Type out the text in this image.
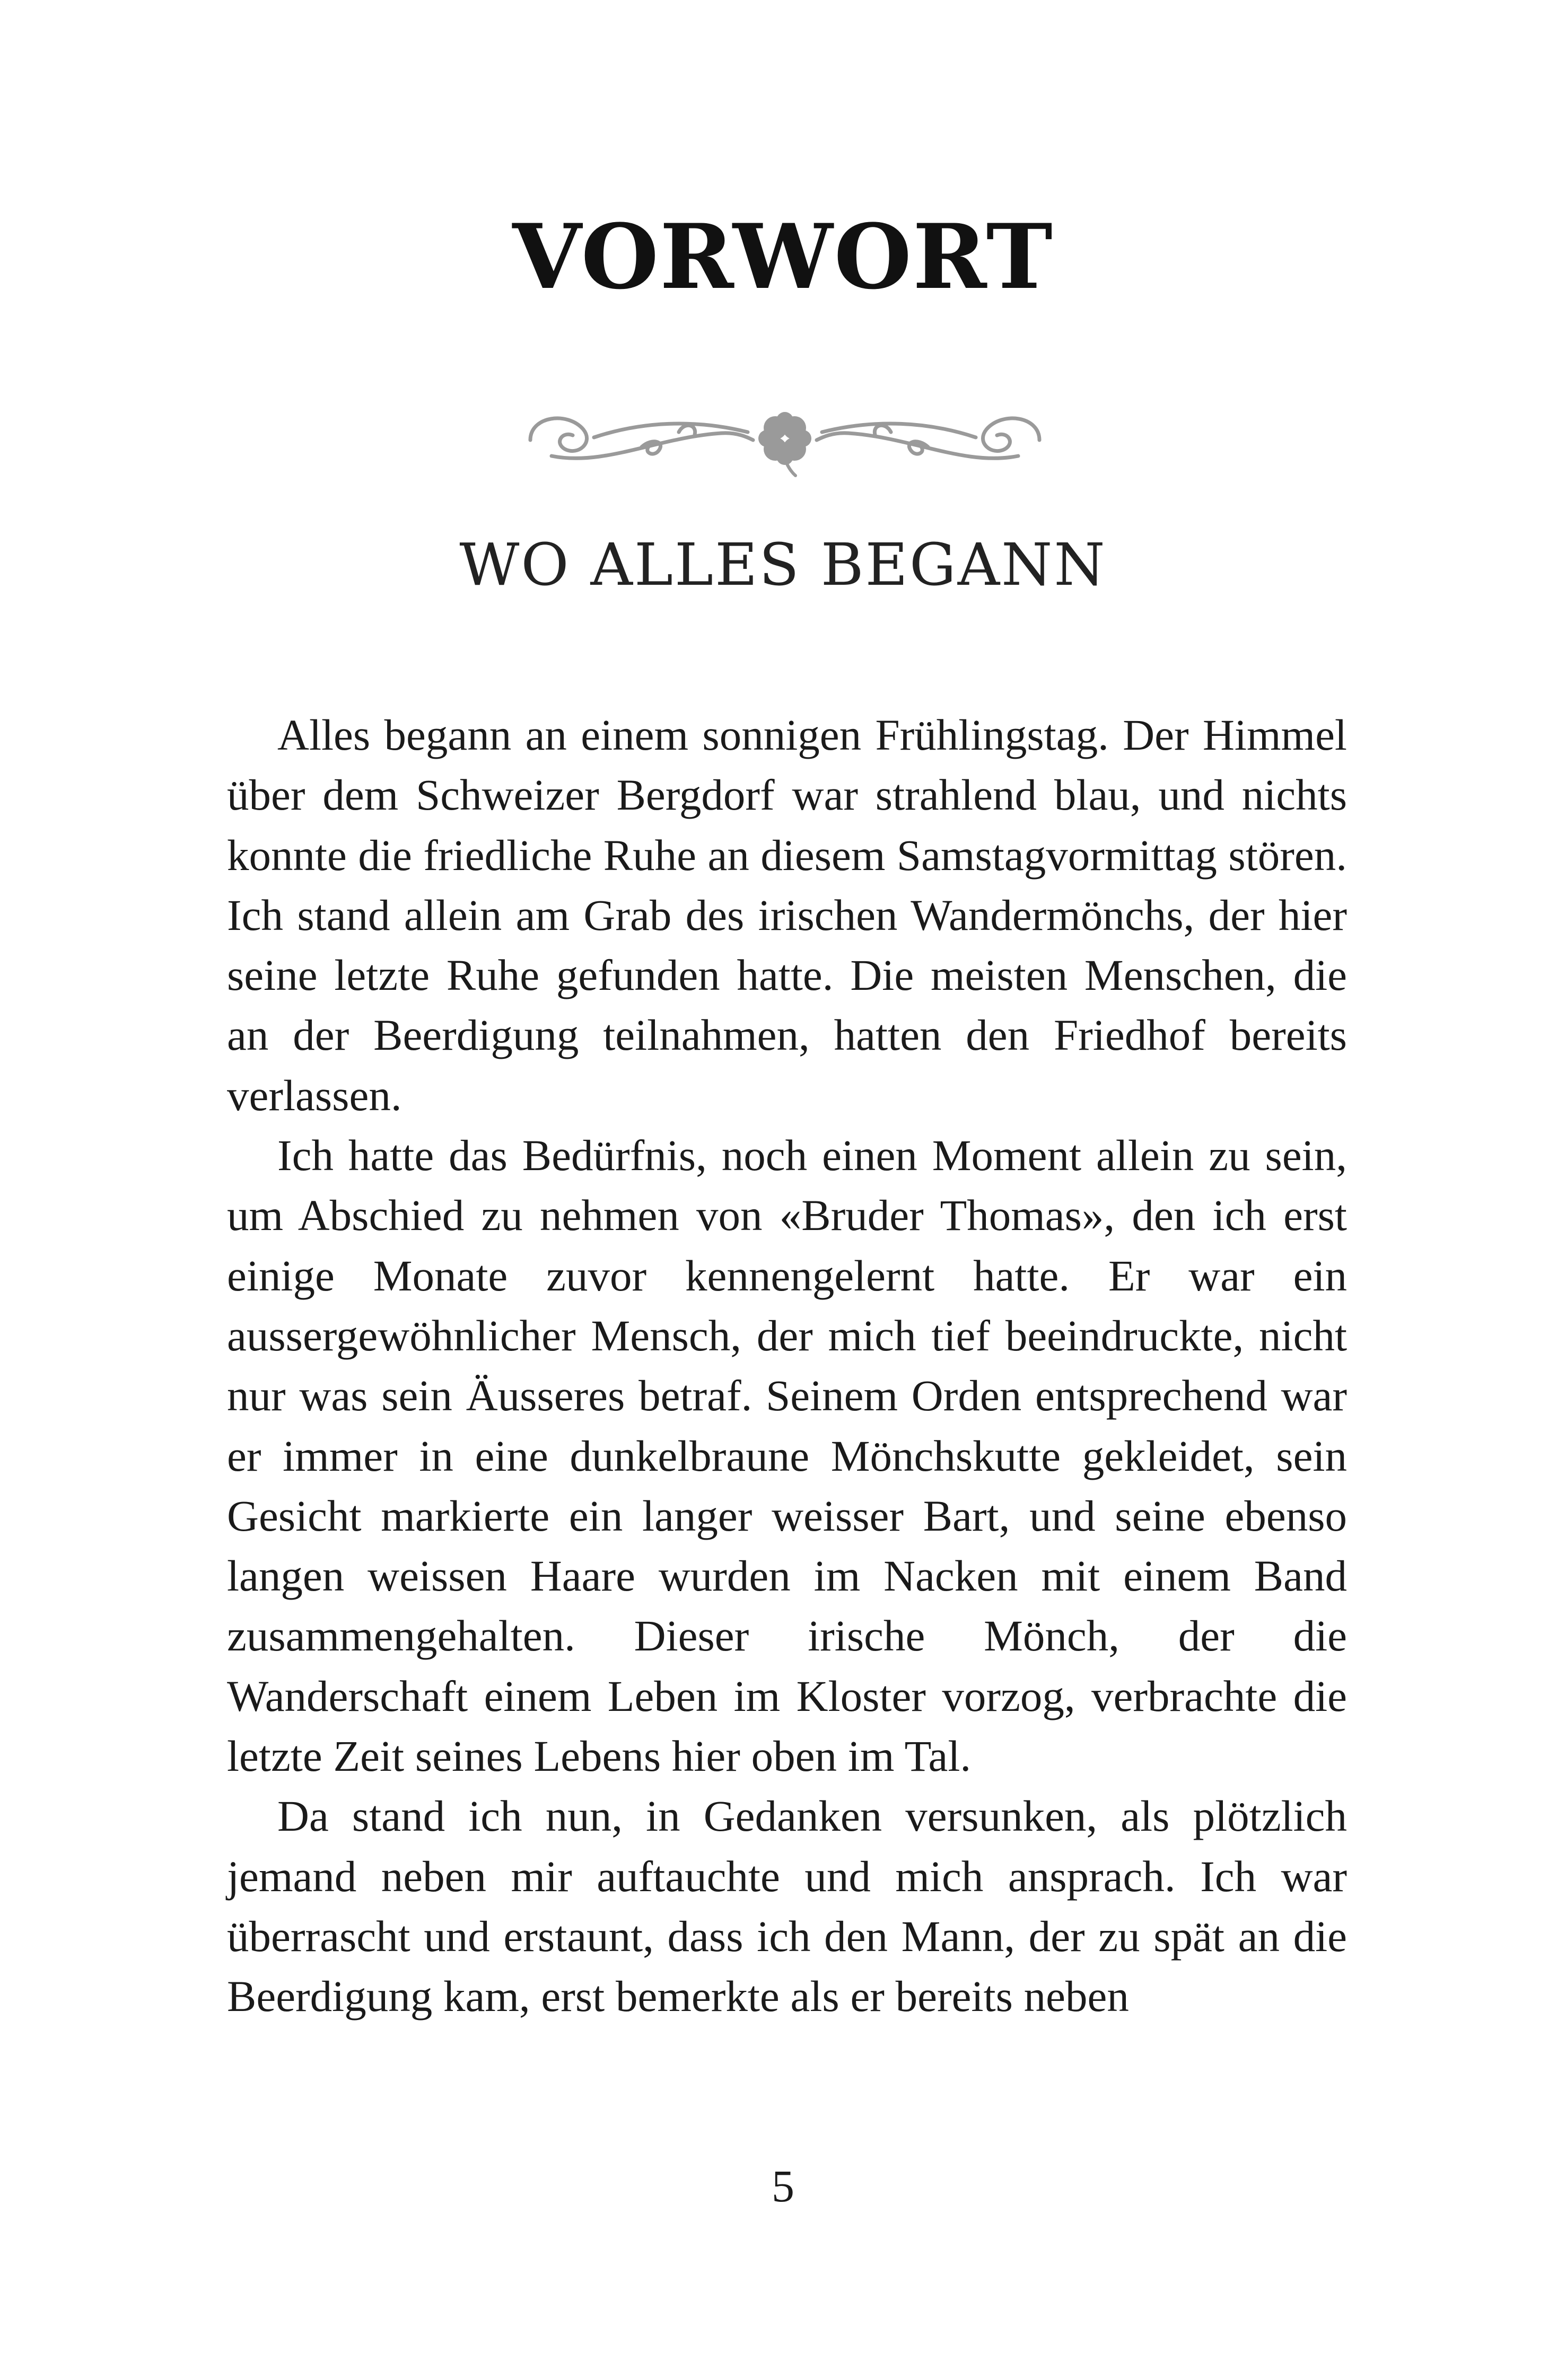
VORWORT
WO ALLES BEGANN

Alles begann an einem sonnigen Frühlingstag. Der Himmel über dem Schweizer Bergdorf war strahlend blau, und nichts konnte die friedliche Ruhe an diesem Samstagvormittag stören. Ich stand allein am Grab des irischen Wandermönchs, der hier seine letzte Ruhe gefunden hatte. Die meisten Menschen, die an der Beerdigung teilnahmen, hatten den Friedhof bereits verlassen.

Ich hatte das Bedürfnis, noch einen Moment allein zu sein, um Abschied zu nehmen von «Bruder Thomas», den ich erst einige Monate zuvor kennengelernt hatte. Er war ein aussergewöhnlicher Mensch, der mich tief beeindruckte, nicht nur was sein Äusseres betraf. Seinem Orden entsprechend war er immer in eine dunkelbraune Mönchskutte gekleidet, sein Gesicht markierte ein langer weisser Bart, und seine ebenso langen weissen Haare wurden im Nacken mit einem Band zusammengehalten. Dieser irische Mönch, der die Wanderschaft einem Leben im Kloster vorzog, verbrachte die letzte Zeit seines Lebens hier oben im Tal.

Da stand ich nun, in Gedanken versunken, als plötzlich jemand neben mir auftauchte und mich ansprach. Ich war überrascht und erstaunt, dass ich den Mann, der zu spät an die Beerdigung kam, erst bemerkte als er bereits neben

5
